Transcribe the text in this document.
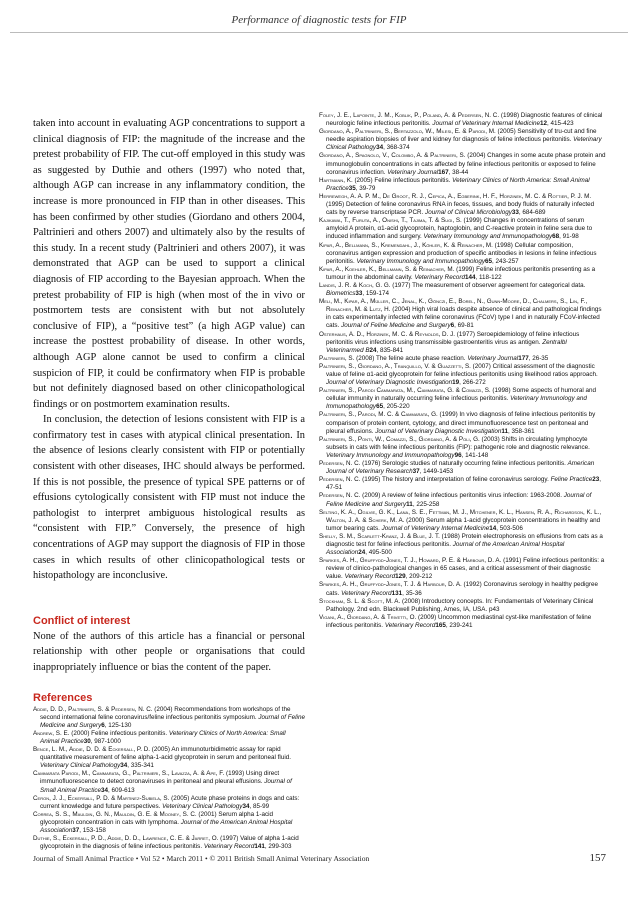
Performance of diagnostic tests for FIP

taken into account in evaluating AGP concentrations to support a clinical diagnosis of FIP: the magnitude of the increase and the pretest probability of FIP. The cut-off employed in this study was as suggested by Duthie and others (1997) who noted that, although AGP can increase in any inflammatory condition, the increase is more pronounced in FIP than in other diseases. This has been confirmed by other studies (Giordano and others 2004, Paltrinieri and others 2007) and ultimately also by the results of this study. In a recent study (Paltrinieri and others 2007), it was demonstrated that AGP can be used to support a clinical diagnosis of FIP according to the Bayesian approach. When the pretest probability of FIP is high (when most of the in vivo or postmortem tests are consistent with but not absolutely conclusive of FIP), a “positive test” (a high AGP value) can increase the posttest probability of disease. In other words, although AGP alone cannot be used to confirm a clinical suspicion of FIP, it could be confirmatory when FIP is probable but not definitely diagnosed based on other clinicopathological findings or on postmortem examination results.

In conclusion, the detection of lesions consistent with FIP is a confirmatory test in cases with atypical clinical presentation. In the absence of lesions clearly consistent with FIP or potentially consistent with other diseases, IHC should always be performed. If this is not possible, the presence of typical SPE patterns or of effusions cytologically consistent with FIP must not induce the pathologist to interpret ambiguous histological results as “consistent with FIP.” Conversely, the presence of high concentrations of AGP may support the diagnosis of FIP in those cases in which results of other clinicopathological tests or histopathology are inconclusive.

Conflict of interest

None of the authors of this article has a financial or personal relationship with other people or organisations that could inappropriately influence or bias the content of the paper.

References
Addie, D. D., Paltrinieri, S. & Pedersen, N. C. (2004) Recommendations from workshops of the second international feline coronavirus/feline infectious peritonitis symposium. Journal of Feline Medicine and Surgery6, 125-130
Andrew, S. E. (2000) Feline infectious peritonitis. Veterinary Clinics of North America: Small Animal Practice30, 987-1000
Bence, L. M., Addie, D. D. & Eckersall, P. D. (2005) An immunoturbidimetric assay for rapid quantitative measurement of feline alpha-1-acid glycoprotein in serum and peritoneal fluid. Veterinary Clinical Pathology34, 335-341
Cammarata Parodi, M., Cammarata, G., Paltrinieri, S., Lavazza, A. & Ape, F. (1993) Using direct immunofluorescence to detect coronaviruses in peritoneal and pleural effusions. Journal of Small Animal Practice34, 609-613
Ceron, J. J., Eckersall, P. D. & Martinez-Subiela, S. (2005) Acute phase proteins in dogs and cats: current knowledge and future perspectives. Veterinary Clinical Pathology34, 85-99
Correa, S. S., Mauldin, G. N., Mauldin, G. E. & Mooney, S. C. (2001) Serum alpha 1-acid glycoprotein concentration in cats with lymphoma. Journal of the American Animal Hospital Association37, 153-158
Duthie, S., Eckersall, P. D., Addie, D. D., Lawrence, C. E. & Jarret, O. (1997) Value of alpha 1-acid glycoprotein in the diagnosis of feline infectious peritonitis. Veterinary Record141, 299-303
Foley, J. E., Lapointe, J. M., Koblik, P., Poland, A. & Pedersen, N. C. (1998) Diagnostic features of clinical neurologic feline infectious peritonitis. Journal of Veterinary Internal Medicine12, 415-423
Giordano, A., Paltrinieri, S., Bertazzolo, W., Milesi, E. & Parodi, M. (2005) Sensitivity of tru-cut and fine needle aspiration biopsies of liver and kidney for diagnosis of feline infectious peritonitis. Veterinary Clinical Pathology34, 368-374
Giordano, A., Spagnolo, V., Colombo, A. & Paltrinieri, S. (2004) Changes in some acute phase protein and immunoglobulin concentrations in cats affected by feline infectious peritonitis or exposed to feline coronavirus infection. Veterinary Journal167, 38-44
Hartmann, K. (2005) Feline infectious peritonitis. Veterinary Clinics of North America: Small Animal Practice35, 39-79
Herrewegh, A. A. P. M., De Groot, R. J., Cepica, A., Egberink, H. F., Horzinek, M. C. & Rottier, P. J. M. (1995) Detection of feline coronavirus RNA in feces, tissues, and body fluids of naturally infected cats by reverse transcriptase PCR. Journal of Clinical Microbiology33, 684-689
Kajikawa, T., Furuta, A., Onishi, T., Tajima, T. & Sugi, S. (1999) Changes in concentrations of serum amyloid A protein, α1-acid glycoprotein, haptoglobin, and C-reactive protein in feline sera due to induced inflammation and surgery. Veterinary Immunology and Immunopathology68, 91-98
Kipar, A., Bellmann, S., Kremendahl, J., Köhler, K. & Reinacher, M. (1998) Cellular composition, coronavirus antigen expression and production of specific antibodies in lesions in feline infectious peritonitis. Veterinary Immunology and Immunopathology65, 243-257
Kipar, A., Koehler, K., Bellmann, S. & Reinacher, M. (1999) Feline infectious peritonitis presenting as a tumour in the abdominal cavity. Veterinary Record144, 118-122
Landis, J. R. & Koch, G. G. (1977) The measurement of observer agreement for categorical data. Biometrics33, 159-174
Meli, M., Kipar, A., Müller, C., Jenal, K., Gönczi, E., Borel, N., Gunn-Moore, D., Chalmers, S., Lin, F., Reinacher, M. & Lutz, H. (2004) High viral loads despite absence of clinical and pathological findings in cats experimentally infected with feline coronavirus (FCoV) type I and in naturally FCoV-infected cats. Journal of Feline Medicine and Surgery6, 69-81
Osterhaus, A. D., Horzinek, M. C. & Reynolds, D. J. (1977) Seroepidemiology of feline infectious peritonitis virus infections using transmissible gastroenteritis virus as antigen. Zentralbl Veterinarmed B24, 835-841
Paltrinieri, S. (2008) The feline acute phase reaction. Veterinary Journal177, 26-35
Paltrinieri, S., Giordano, A., Tranquillo, V. & Guazzetti, S. (2007) Critical assessment of the diagnostic value of feline α1-acid glycoprotein for feline infectious peritonitis using likelihood ratios approach. Journal of Veterinary Diagnostic Investigation19, 266-272
Paltrinieri, S., Parodi Cammarata, M., Cammarata, G. & Comazzi, S. (1998) Some aspects of humoral and cellular immunity in naturally occurring feline infectious peritonitis. Veterinary Immunology and Immunopathology65, 205-220
Paltrinieri, S., Parodi, M. C. & Cammarata, G. (1999) In vivo diagnosis of feline infectious peritonitis by comparison of protein content, cytology, and direct immunofluorescence test on peritoneal and pleural effusions. Journal of Veterinary Diagnostic Investigation11, 358-361
Paltrinieri, S., Ponti, W., Comazzi, S., Giordano, A. & Poli, G. (2003) Shifts in circulating lymphocyte subsets in cats with feline infectious peritonitis (FIP): pathogenic role and diagnostic relevance. Veterinary Immunology and Immunopathology96, 141-148
Pedersen, N. C. (1976) Serologic studies of naturally occurring feline infectious peritonitis. American Journal of Veterinary Research37, 1449-1453
Pedersen, N. C. (1995) The history and interpretation of feline coronavirus serology. Feline Practice23, 47-51
Pedersen, N. C. (2009) A review of feline infectious peritonitis virus infection: 1963-2008. Journal of Feline Medicine and Surgery11, 225-258
Selting, K. A., Ogilvie, G. K., Lana, S. E., Fettman, M. J., Mitchener, K. L., Hansen, R. A., Richardson, K. L., Walton, J. A. & Scherk, M. A. (2000) Serum alpha 1-acid glycoprotein concentrations in healthy and tumor bearing cats. Journal of Veterinary Internal Medicine14, 503-506
Shelly, S. M., Scarlett-Kranz, J. & Blue, J. T. (1988) Protein electrophoresis on effusions from cats as a diagnostic test for feline infectious peritonitis. Journal of the American Animal Hospital Association24, 495-500
Sparkes, A. H., Gruffydd-Jones, T. J., Howard, P. E. & Harbour, D. A. (1991) Feline infectious peritonitis: a review of clinico-pathological changes in 65 cases, and a critical assessment of their diagnostic value. Veterinary Record129, 209-212
Sparkes, A. H., Gruffydd-Jones, T. J. & Harbour, D. A. (1992) Coronavirus serology in healthy pedigree cats. Veterinary Record131, 35-36
Stockham, S. L. & Scott, M. A. (2008) Introductory concepts. In: Fundamentals of Veterinary Clinical Pathology. 2nd edn. Blackwell Publishing, Ames, IA, USA. p43
Vigani, A., Giordano, A. & Trivetti, O. (2009) Uncommon mediastinal cyst-like manifestation of feline infectious peritonitis. Veterinary Record165, 239-241
Journal of Small Animal Practice • Vol 52 • March 2011 • © 2011 British Small Animal Veterinary Association	157
